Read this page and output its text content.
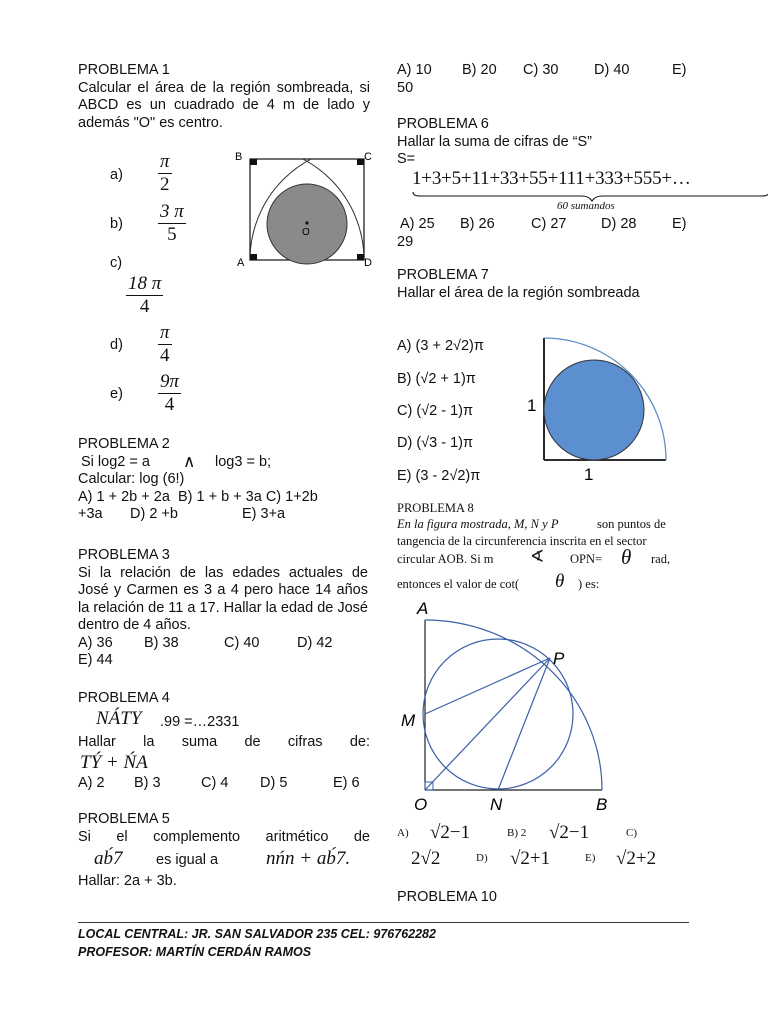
PROBLEMA 1
Calcular el área de la región sombreada, si ABCD es un cuadrado de 4 m de lado y además "O" es centro.
$a) \frac{\pi}{2}$
$b) \frac{3 \pi}{5}$
c)
$\frac{18 \pi}{4}$
$d) \frac{\pi}{4}$
$e) \frac{9\pi}{4}$
B	C
A	D
O
PROBLEMA 2
Si log2 = a ∧ log3 = b;
Calcular: log (6!)
A) 1 + 2b + 2a  B) 1 + b + 3a C) 1+2b
+3a D) 2 +b	E) 3+a
PROBLEMA 3
Si la relación de las edades actuales de José y Carmen es 3 a 4 pero hace 14 años la relación de 11 a 17. Hallar la edad de José dentro de 4 años.
A) 36 B) 38	C) 40	D) 42
E) 44
PROBLEMA 4
NÁTY .99 =…2331
Hallar la suma de cifras de:
TÝ + ŃA
A) 2 B) 3	C) 4 D) 5	E) 6
PROBLEMA 5
Si el complemento aritmético de
ab́7 es igual a	nńn + ab́7.
Hallar: 2a + 3b.
A) 10 B) 20 C) 30 D) 40	E)
50
PROBLEMA 6
Hallar la suma de cifras de “S”
S=
1+3+5+11+33+55+111+333+555+…
60 sumandos
A) 25 B) 26	C) 27 D) 28 E)
29
PROBLEMA 7
Hallar el área de la región sombreada
A) (3 + 2√2)π
B) (√2 + 1)π
C) (√2 - 1)π
D) (√3 - 1)π
E) (3 - 2√2)π
1
1
PROBLEMA 8
En la figura mostrada, M, N y P	son puntos de
tangencia de la circunferencia inscrita en el sector
circular AOB. Si m ∢ OPN= θ rad,
entonces el valor de cot( θ ) es:
A
P
M
O	N	B
A) √2−1	B) 2 √2−1	C)
2√2	D) √2+1	E) √2+2
PROBLEMA 10
LOCAL CENTRAL: JR. SAN SALVADOR 235 CEL: 976762282
PROFESOR: MARTÍN CERDÁN RAMOS
